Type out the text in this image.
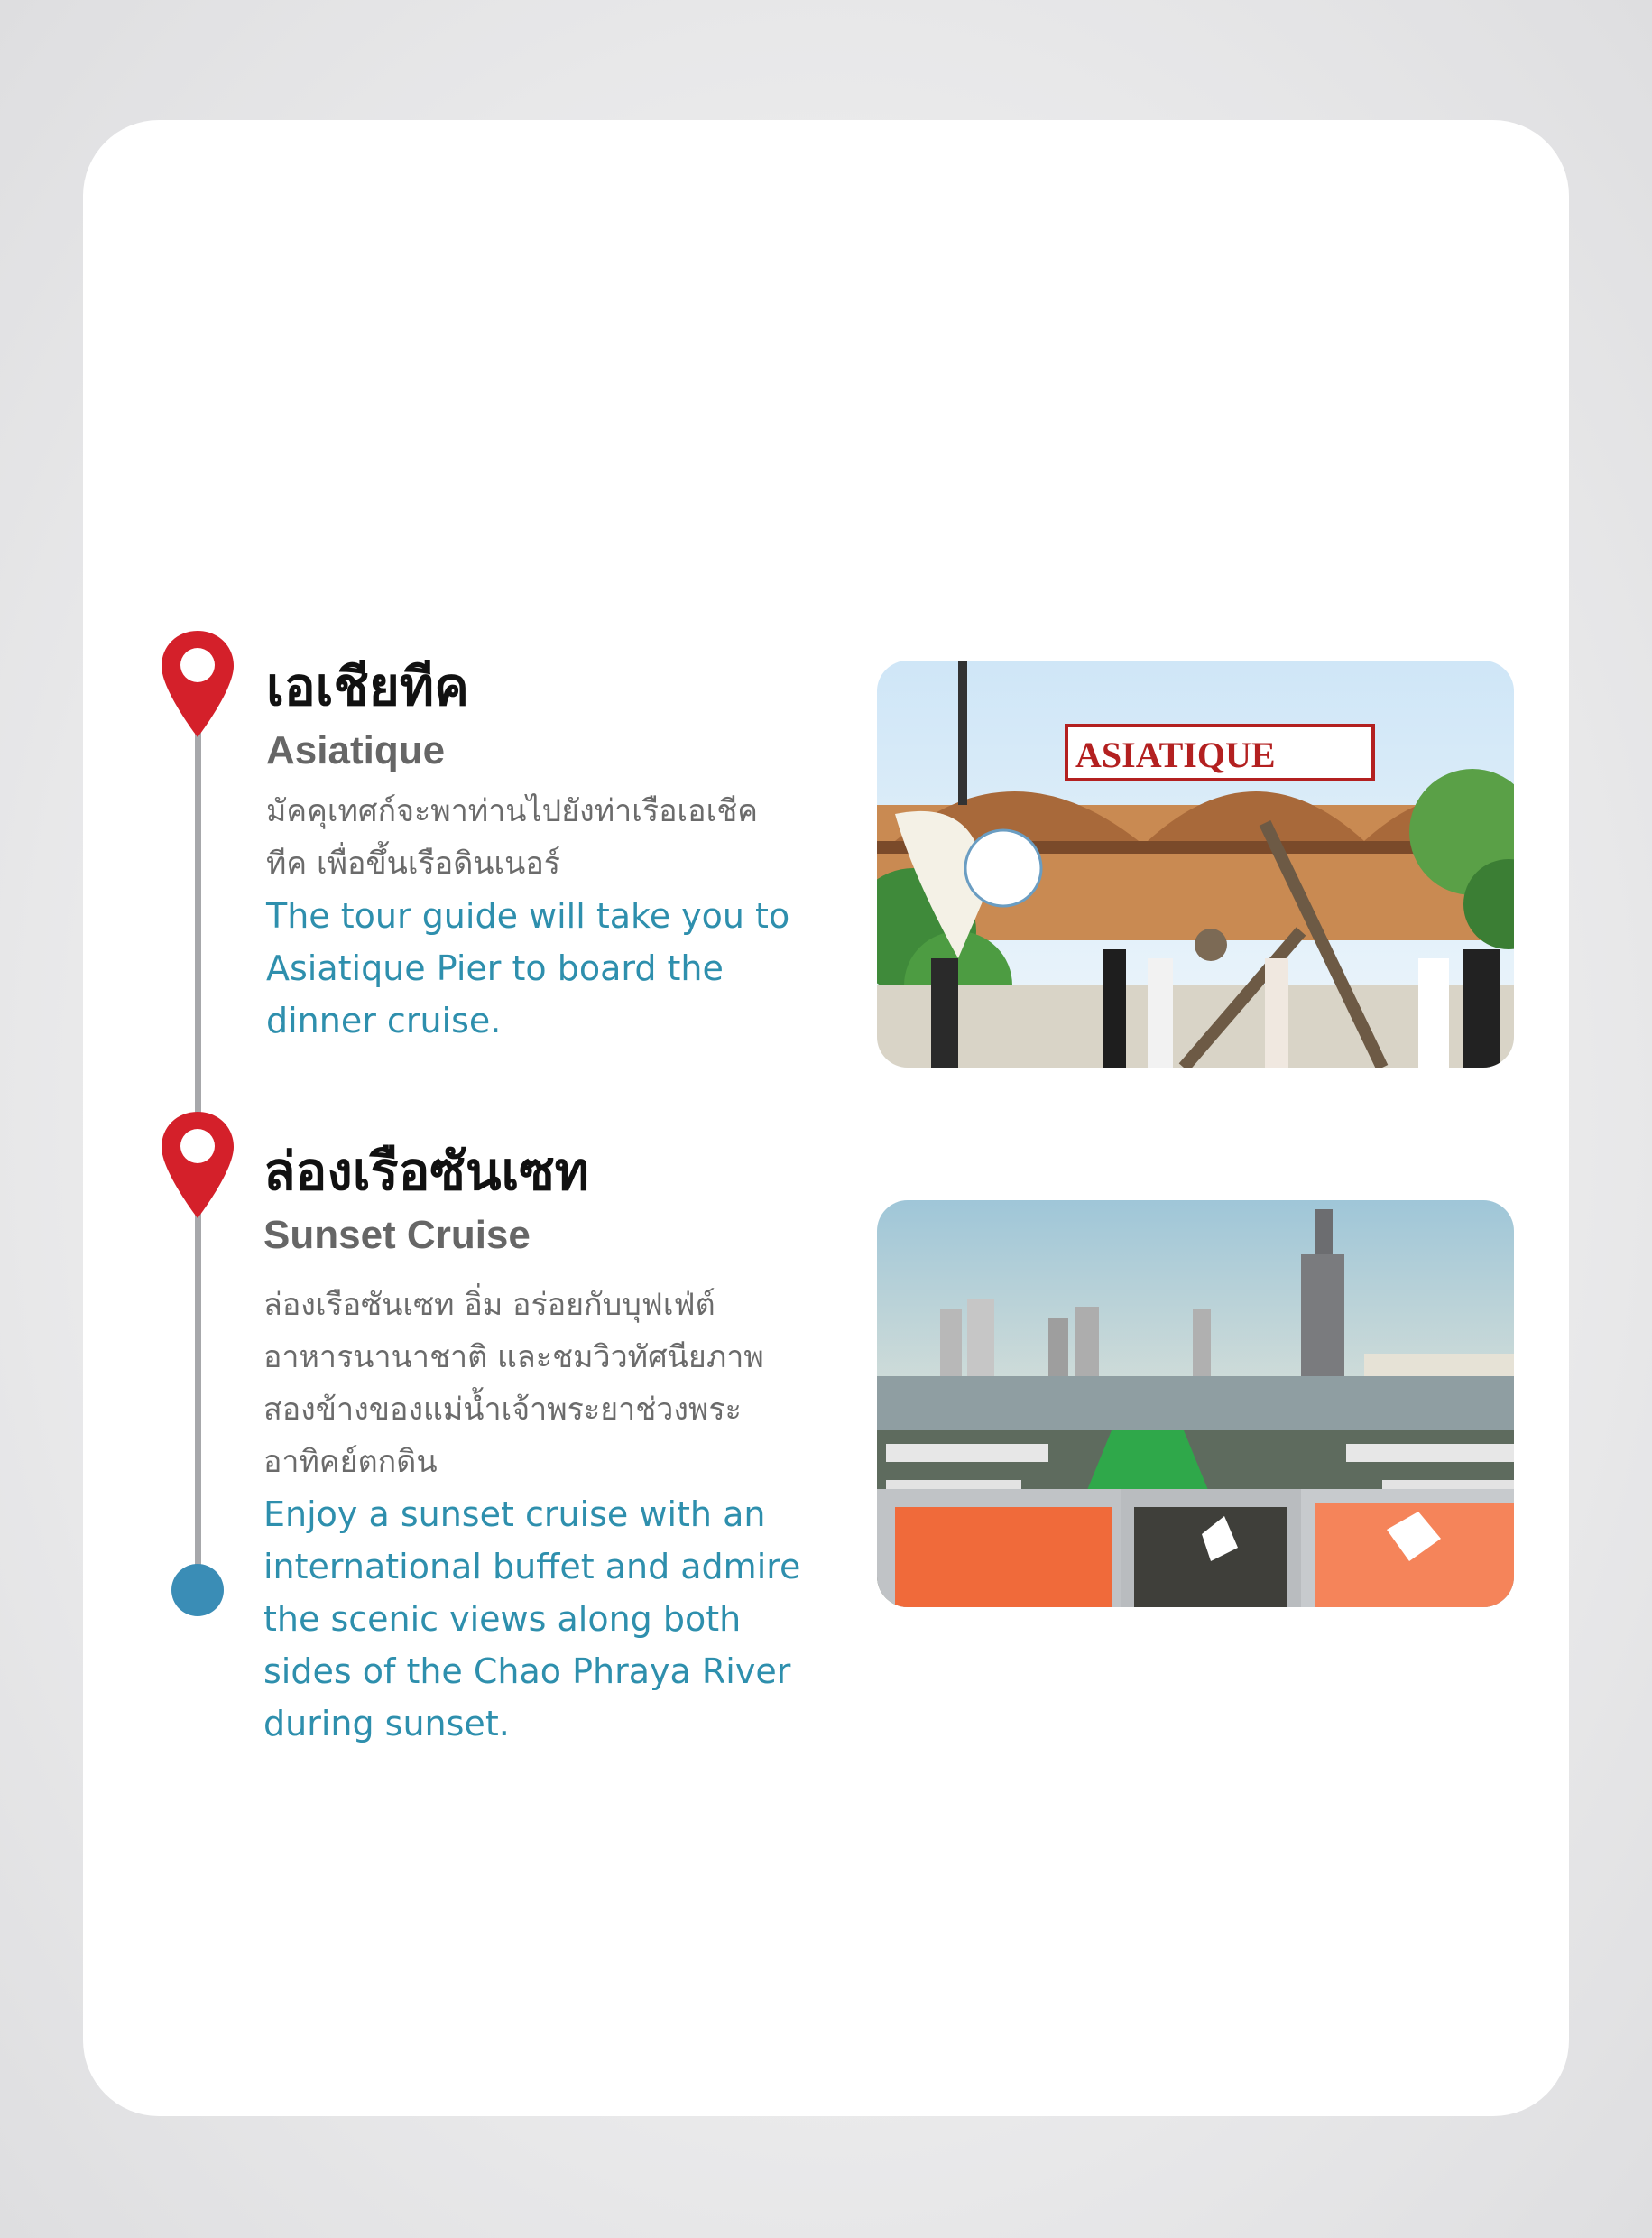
เอเชียทีค
Asiatique

มัคคุเทศก์จะพาท่านไปยังท่าเรือเอเชีค
ทีค เพื่อขึ้นเรือดินเนอร์

The tour guide will take you to
Asiatique Pier to board the
dinner cruise.

ASIATIQUE
ล่องเรือซันเซท
Sunset Cruise

ล่องเรือซันเซท อิ่ม อร่อยกับบุฟเฟ่ต์
อาหารนานาชาติ และชมวิวทัศนียภาพ
สองข้างของแม่น้ำเจ้าพระยาช่วงพระ
อาทิคย์ตกดิน

Enjoy a sunset cruise with an
international buffet and admire
the scenic views along both
sides of the Chao Phraya River
during sunset.
